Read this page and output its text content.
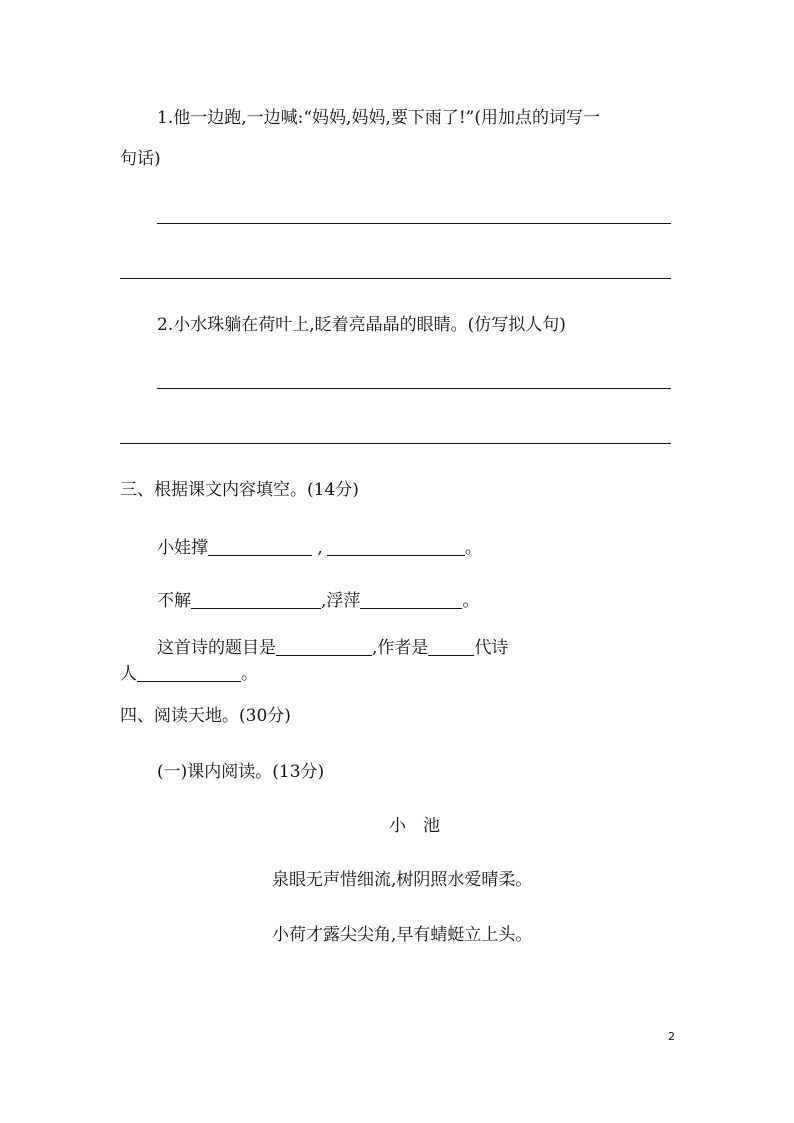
1.他一边跑,一边喊:“妈妈,妈妈,要下雨了!”(用加点的词写一
句话)
2.小水珠躺在荷叶上,眨着亮晶晶的眼睛。(仿写拟人句)
三、根据课文内容填空。(14分)
小娃撑	,	。
不解	,浮萍	。
这首诗的题目是	,作者是	代诗
人	。
四、阅读天地。(30分)
(一)课内阅读。(13分)
小　池
泉眼无声惜细流,树阴照水爱晴柔。
小荷才露尖尖角,早有蜻蜓立上头。
2
